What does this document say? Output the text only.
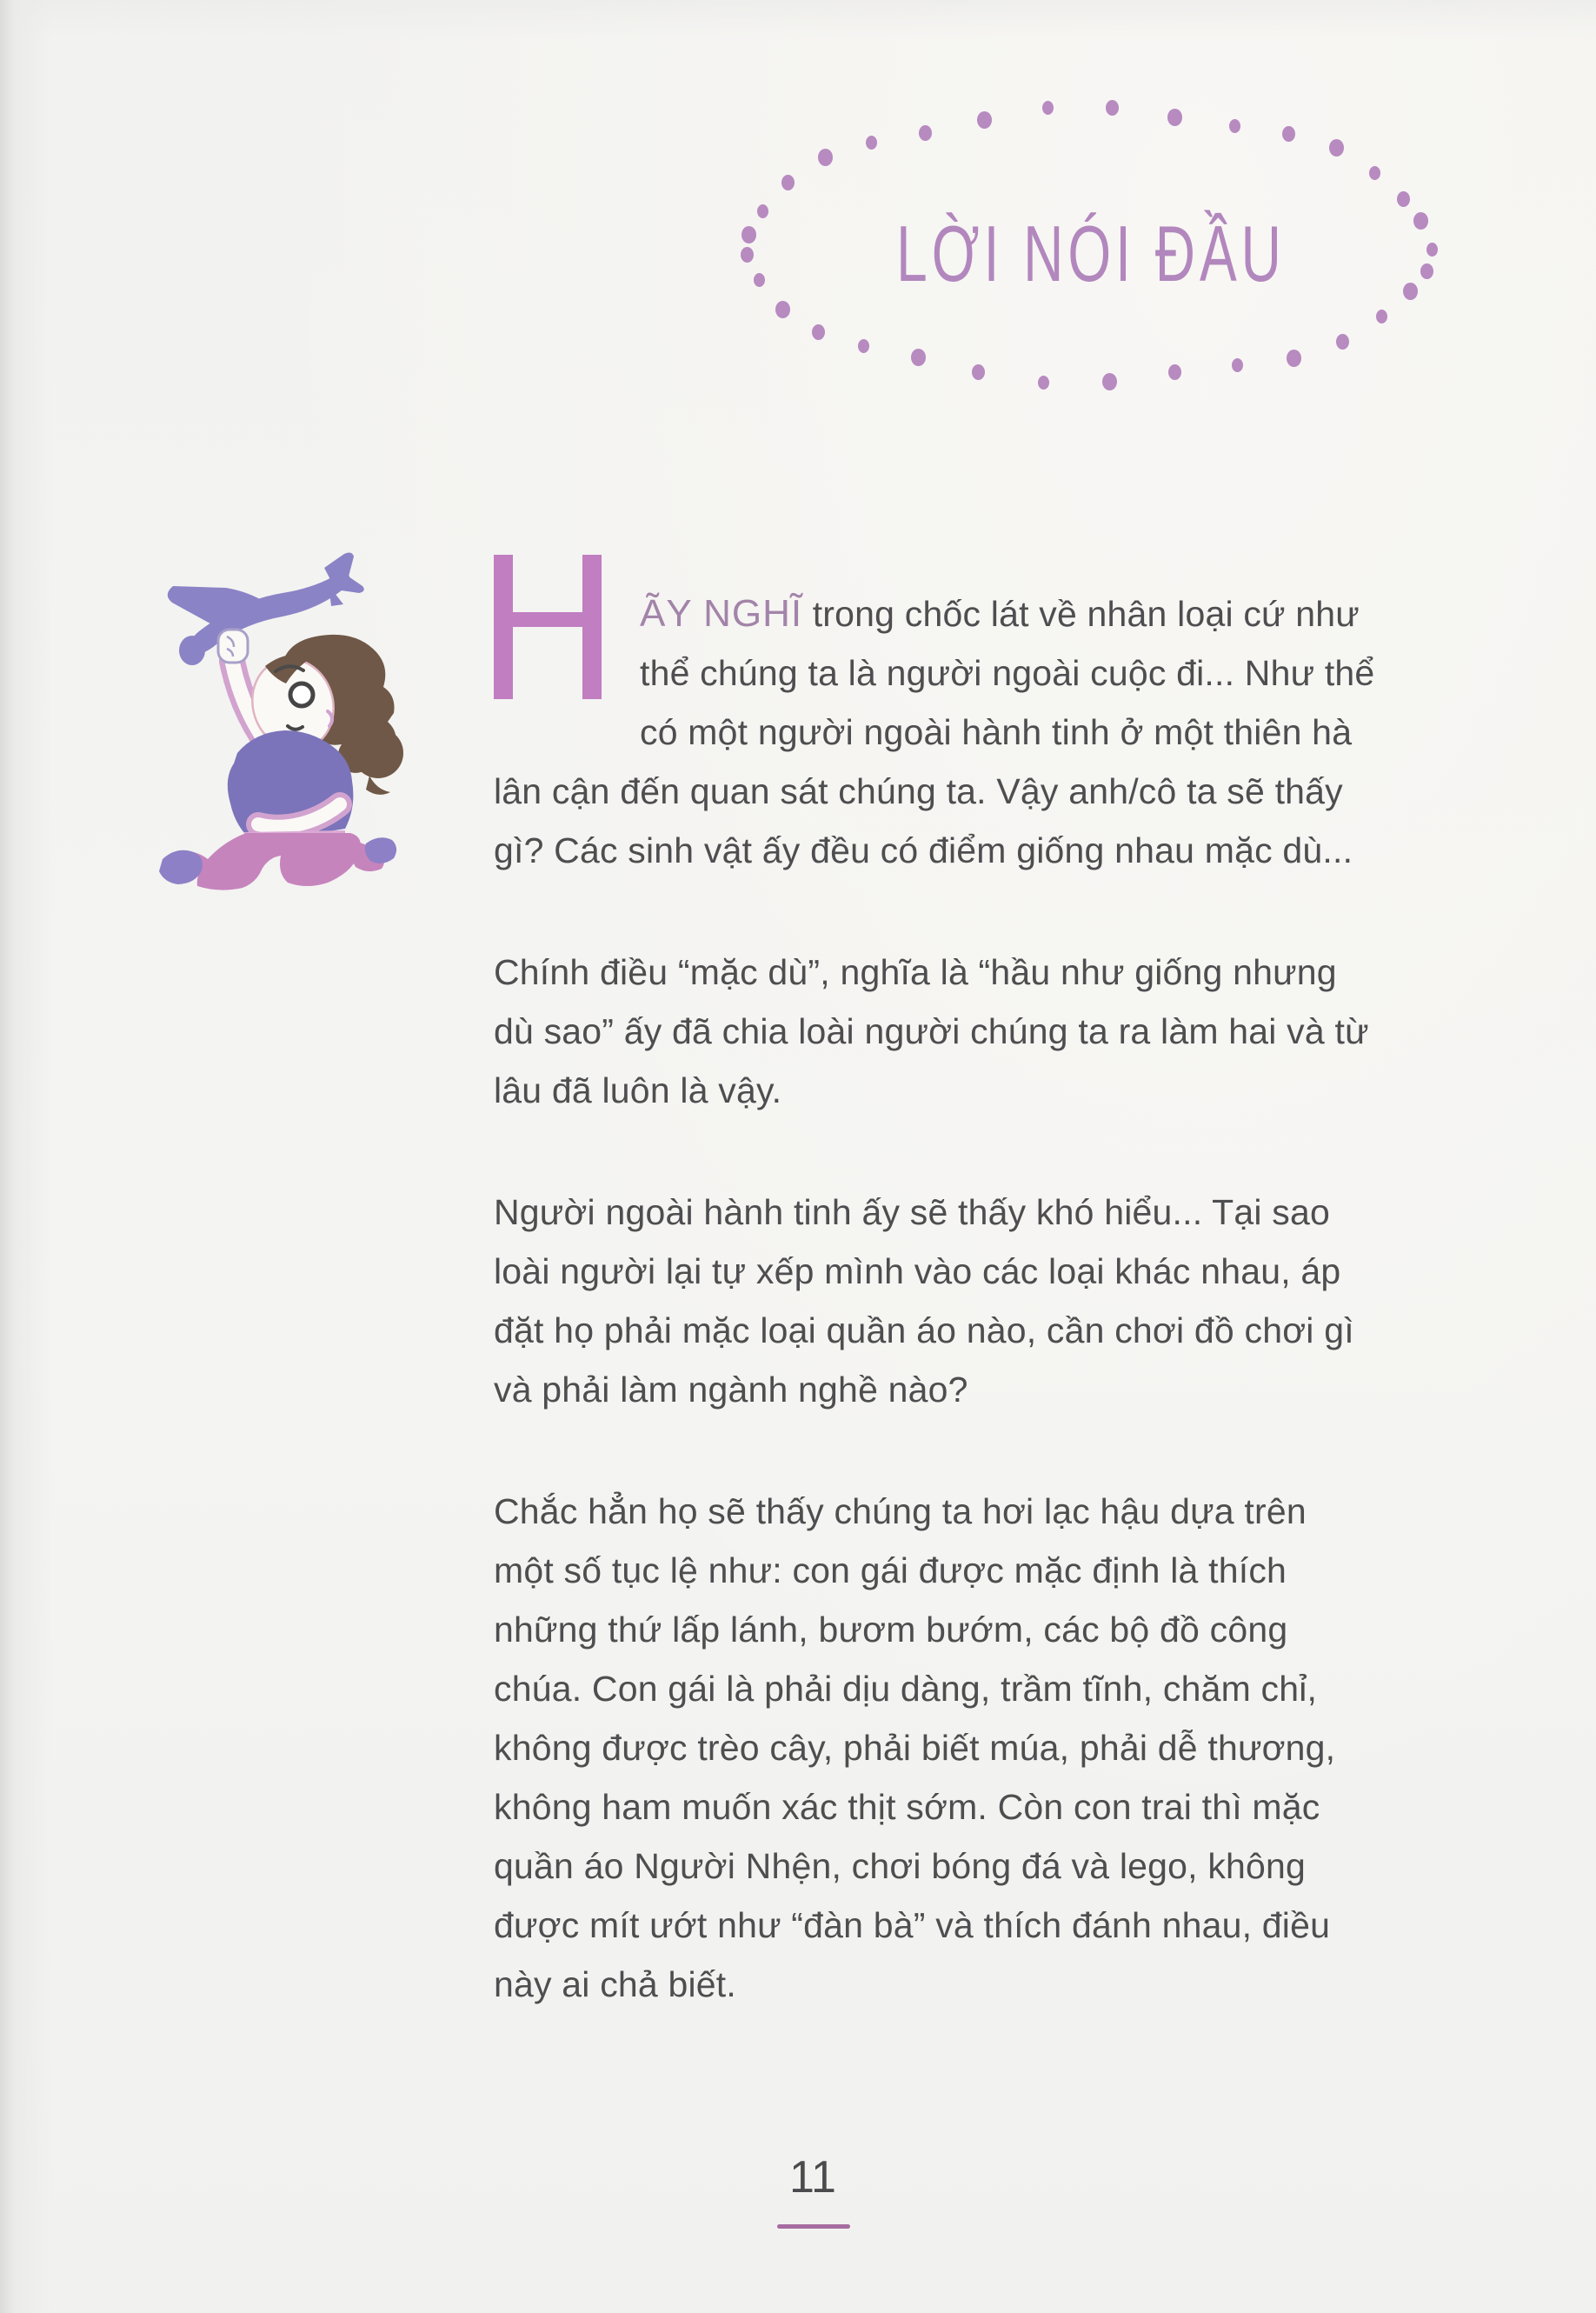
LỜI NÓI ĐẦU
ÃY NGHĨ trong chốc lát về nhân loại cứ như
thể chúng ta là người ngoài cuộc đi... Như thể
có một người ngoài hành tinh ở một thiên hà
lân cận đến quan sát chúng ta. Vậy anh/cô ta sẽ thấy
gì? Các sinh vật ấy đều có điểm giống nhau mặc dù...
Chính điều “mặc dù”, nghĩa là “hầu như giống nhưng
dù sao” ấy đã chia loài người chúng ta ra làm hai và từ
lâu đã luôn là vậy.
Người ngoài hành tinh ấy sẽ thấy khó hiểu... Tại sao
loài người lại tự xếp mình vào các loại khác nhau, áp
đặt họ phải mặc loại quần áo nào, cần chơi đồ chơi gì
và phải làm ngành nghề nào?
Chắc hẳn họ sẽ thấy chúng ta hơi lạc hậu dựa trên
một số tục lệ như: con gái được mặc định là thích
những thứ lấp lánh, bươm bướm, các bộ đồ công
chúa. Con gái là phải dịu dàng, trầm tĩnh, chăm chỉ,
không được trèo cây, phải biết múa, phải dễ thương,
không ham muốn xác thịt sớm. Còn con trai thì mặc
quần áo Người Nhện, chơi bóng đá và lego, không
được mít ướt như “đàn bà” và thích đánh nhau, điều
này ai chả biết.
11
